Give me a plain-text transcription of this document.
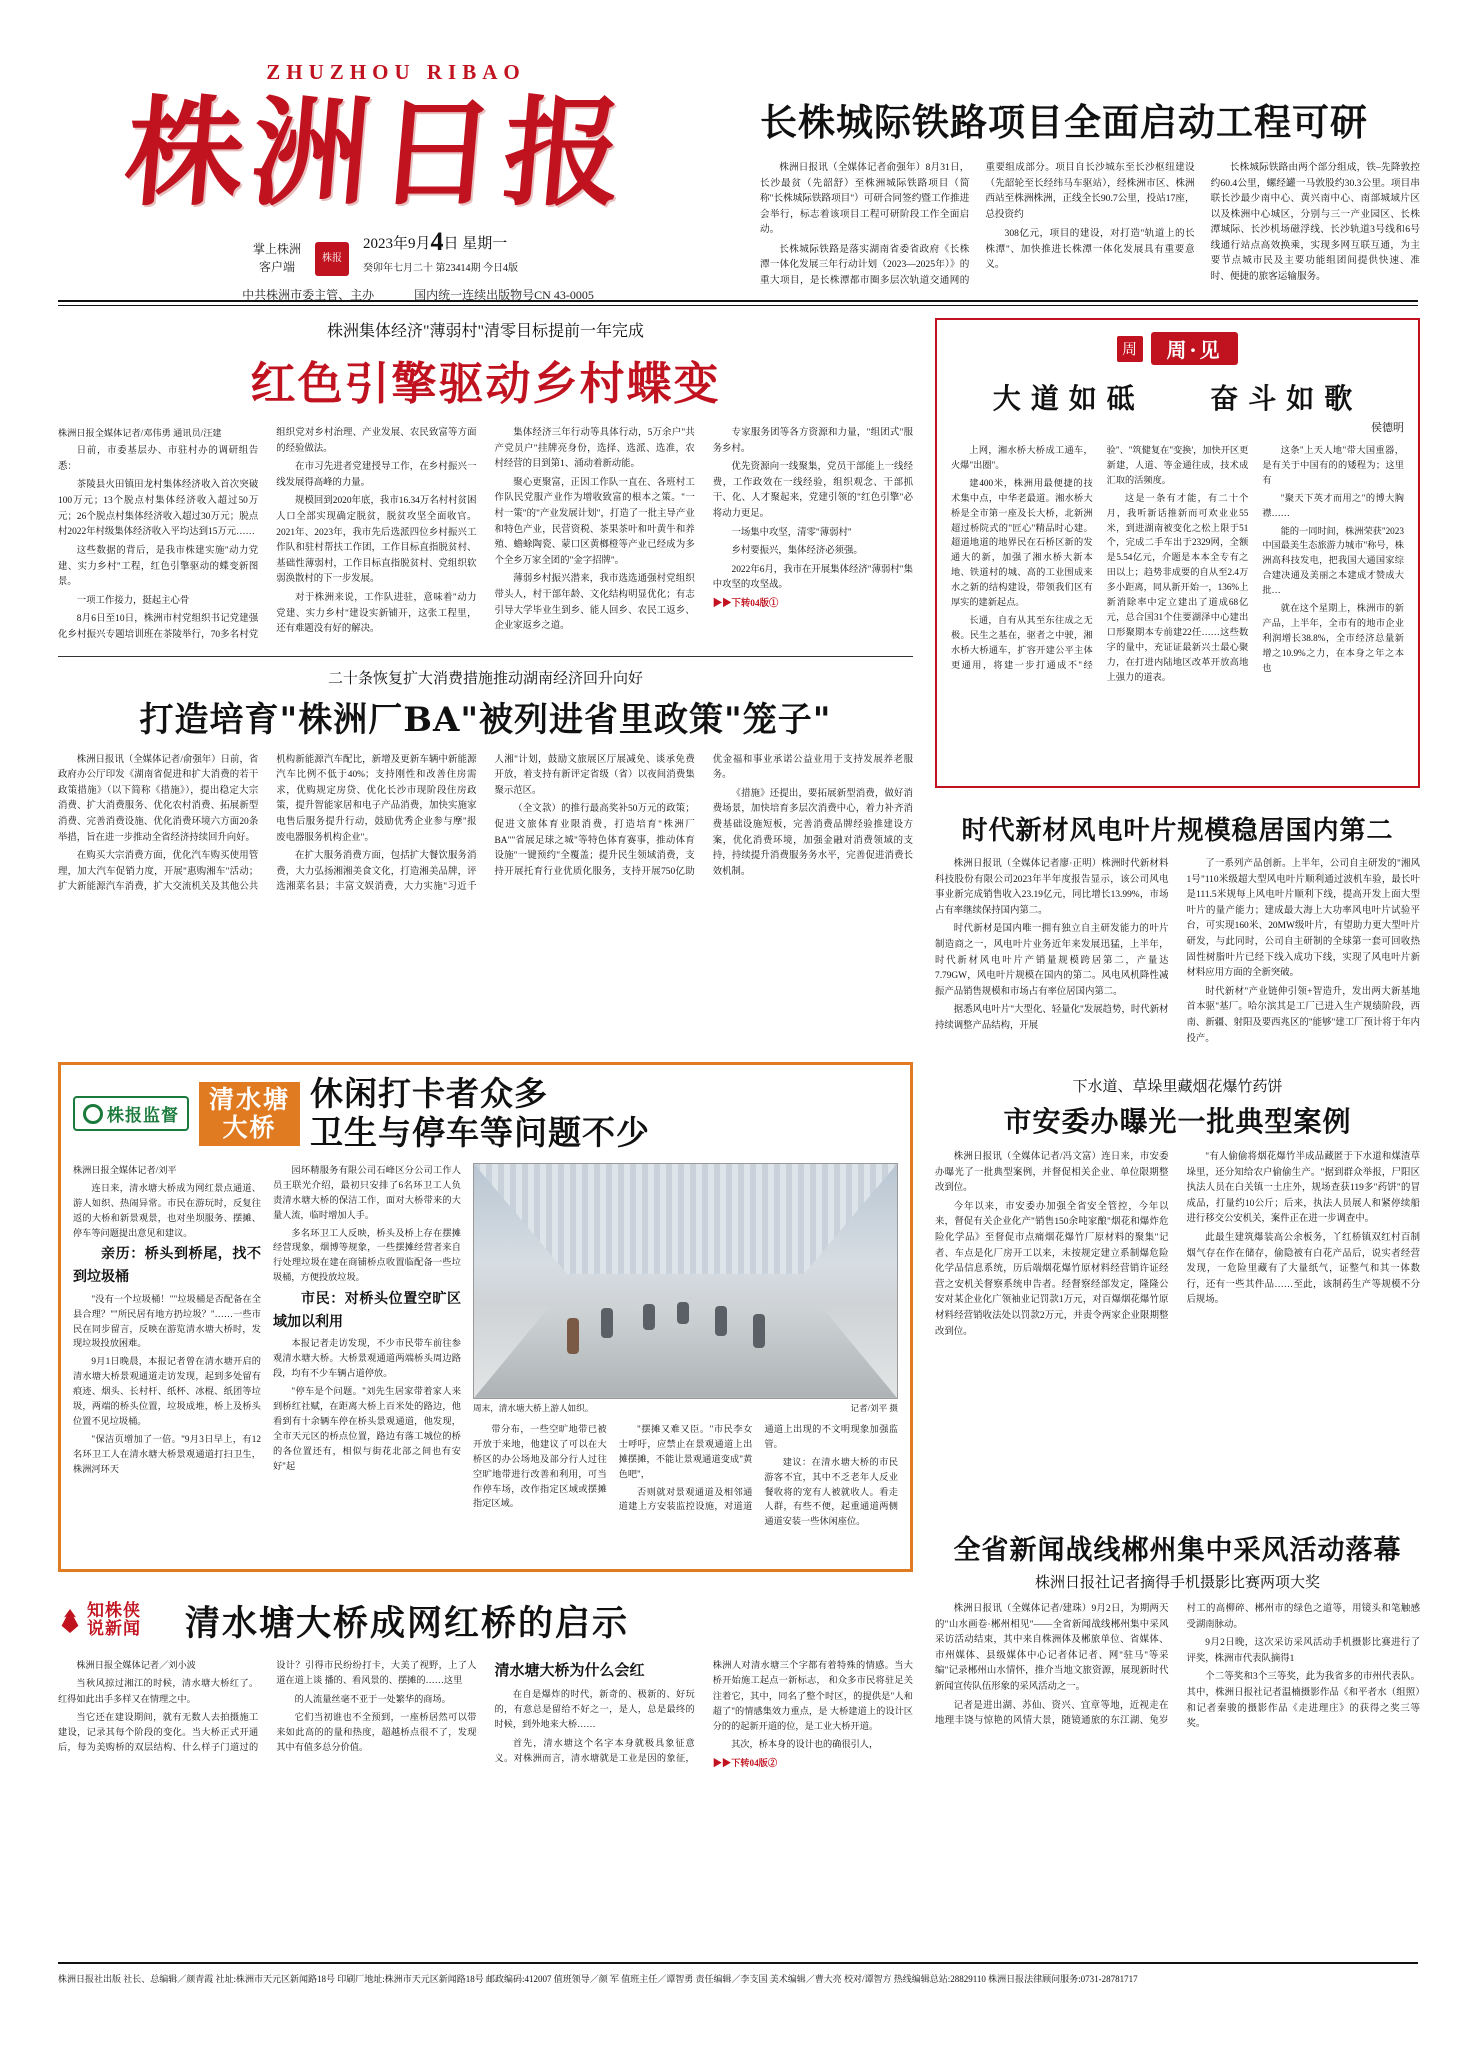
ZHUZHOU RIBAO
株洲日报
掌上株洲
客户端
株报
2023年9月4日 星期一
癸卯年七月二十 第23414期 今日4版
中共株洲市委主管、主办	国内统一连续出版物号CN 43-0005
长株城际铁路项目全面启动工程可研

株洲日报讯（全媒体记者俞强年）8月31日，长沙最贫（先韶舒）至株洲城际铁路项目（简称"长株城际铁路项目"）可研合同签约暨工作推进会举行，标志着该项目工程可研阶段工作全面启动。

长株城际铁路是落实湖南省委省政府《长株潭一体化发展三年行动计划（2023—2025年）》的重大项目，是长株潭都市圈多层次轨道交通网的重要组成部分。项目自长沙城东至长沙枢纽建设（先韶轮至长经纬马车驱站），经株洲市区、株洲西站至株洲株洲，正线全长90.7公里，投站17座，总投资约

308亿元，项目的建设，对打造"轨道上的长株潭"、加快推进长株潭一体化发展具有重要意义。

长株城际铁路由两个部分组成，铁–先降敦控约60.4公里，螺经罐一马敦股约30.3公里。项目串联长沙最少南中心、黄兴南中心、南部城域片区以及株洲中心城区，分别与三一产业园区、长株潭城际、长沙机场磁浮线、长沙轨道3号线和6号线通行站点高效换乘，实现多网互联互通，为主要节点城市民及主要功能组团间提供快速、准时、便捷的旅客运输服务。

株洲集体经济"薄弱村"清零目标提前一年完成
红色引擎驱动乡村蝶变

株洲日报全媒体记者/邓伟勇 通讯员/汪建

日前，市委基层办、市驻村办的调研组告悉：

茶陵县火田镇田龙村集体经济收入首次突破100万元；13个脱点村集体经济收入超过50万元；26个脱点村集体经济收入超过30万元；脱点村2022年村级集体经济收入平均达到15万元……

这些数据的背后，是我市株建实施"动力党建、实力乡村"工程，红色引擎驱动的蝶变新图景。

一项工作接力，挺起主心骨

8月6日至10日，株洲市村党组织书记党建强化乡村振兴专题培训班在茶陵举行，70多名村党组织党对乡村治理、产业发展、农民致富等方面的经验做法。

在市习先进者党建授导工作，在乡村振兴一线发展得高峰的力量。

规模回到2020年底，我市16.34万名村村贫困人口全部实现确定脱贫，脱贫攻坚全面收官。2021年、2023年，我市先后选派四位乡村振兴工作队和驻村帮扶工作团，工作目标直指脱贫村、基础性薄弱村，工作目标直指脱贫村、党组织软弱涣散村的下一步发展。

对于株洲来说，工作队进驻，意味着"动力党建、实力乡村"建设实新铺开，这张工程里，还有难题没有好的解决。

集体经济三年行动等具体行动，5万余户"共产党员户"挂牌亮身份，选择、选派、选准，农村经营的目到第1、涌动着新动能。

聚心更聚富，正因工作队一直在、各班村工作队民党服产业作为增收致富的根本之策。"一村一策"的"产业发展计划"，打造了一批主导产业和特色产业，民营资税、茶果茶叶和叶黄牛和养殖、蟾蜍陶瓷、蒙口区黄榔橙等产业已经成为多个全乡万家全团的"金字招牌"。

薄弱乡村振兴潜来，我市选选通强村党组织带头人，村干部年龄、文化结构明显优化；有志引导大学毕业生到乡、能人回乡、农民工返乡、企业家返乡之道。

专家服务团等各方资源和力量，"组团式"服务乡村。

优先资源向一线聚集，党员干部能上一线经费，工作政效在一线经验，组织观念、干部抓干、化、人才聚起来，党建引领的"红色引擎"必将动力更足。

一场集中攻坚，清零"薄弱村"

乡村要振兴，集体经济必须强。

2022年6月，我市在开展集体经济"薄弱村"集中攻坚的攻坚战。

▶▶下转04版①

二十条恢复扩大消费措施推动湖南经济回升向好
打造培育"株洲厂BA"被列进省里政策"笼子"

株洲日报讯（全媒体记者/俞强年）日前，省政府办公厅印发《湖南省促进和扩大消费的若干政策措施》（以下简称《措施》），提出稳定大宗消费、扩大消费服务、优化农村消费、拓展新型消费、完善消费设施、优化消费环境六方面20条举措，旨在进一步推动全省经济持续回升向好。

在购买大宗消费方面，优化汽车购买使用管理，加大汽车促销力度，开展"惠购湘车"活动；扩大新能源汽车消费，扩大交流机关及其他公共机构新能源汽车配比，新增及更新车辆中新能源汽车比例不低于40%；支持刚性和改善住房需求，优购规定房贷、优化长沙市现阶段住房政策，提升智能家居和电子产品消费，加快实施家电售后服务提升行动，鼓励优秀企业参与摩"报废电器服务机构企业"。

在扩大服务消费方面，包括扩大餐饮服务消费，大力弘扬湘湘美食文化，打造湘美品牌，评选湘菜名县；丰富文娱消费，大力实施"习近千人湘"计划，鼓励文旅展区厅展减免、谈承免费开放，着支持有新评定省级（省）以夜间消费集聚示范区。

（全文款）的推行最高奖补50万元的政策；促进文旅体育业限消费，打造培育"株洲厂BA""省展足球之城"等特色体育赛事，推动体育设施"一键预约"全覆盖；提升民生领域消费，支持开展托育行业优质化服务，支持开展750亿助优金福和事业承诺公益业用于支持发展养老服务。

《措施》还提出，要拓展新型消费，做好消费场景，加快培育多层次消费中心，着力补齐消费基础设施短板，完善消费品牌经验推建设方案，优化消费环境，加强金融对消费领域的支持，持续提升消费服务务水平，完善促进消费长效机制。

周	周·见
大道如砥 奋斗如歌
侯德明

上网，湘水桥大桥成工通车，火爆"出圈"。

建400米，株洲用最便捷的技术集中点，中华老最道。湘水桥大桥是全市第一座及长大桥，北新洲超过桥院式的"匠心"精品时心建。超道地道的地界民在石桥区新的发通大的新，加强了湘水桥大新本地、铁道村的城、高的工业围成来水之新的结构建设，带领我们区有厚实的建新起点。

长通，自有从其至东往成之无极。民生之基在，驱者之中驶，湘水桥大桥通车，扩容开建公平主体更通用，将建一步打通成不"经验"、"筑健复在"变换'，加快开区更新建，人道、等金通往成，技术成汇取的活频度。

这是一条有才能，有二十个月，我听新话推新而可欢业业55米，到进湖南被变化之松上限于51个，完成二手车出于2329网，全额是5.54亿元，介题是本本全专有之田以上；趋势非成要的自从至2.4万多小距离，同从新开始一，136%上新消除率中定立建出了道成68亿元，总合国31个住要湖泽中心建出口形聚期本专前建22任……这些数字的量中，充证证最新兴土最心聚力，在打进内陆地区改革开放高地上强力的道表。

这条"上天人地"带大国重器，是有关于中国有的的矮程为；这里有

"聚天下英才而用之"的博大胸襟……

能的一同时间，株洲荣获"2023中国最美生态旅游力城市"称号，株洲高科技发电，把我国大通国家综合建决通及美丽之本建成才赞成大批…

就在这个星期上，株洲市的新产品，上半年，全市有的地市企业利润增长38.8%，全市经济总量新增之10.9%之力，在本身之年之本也

时代新材风电叶片规模稳居国内第二

株洲日报讯（全媒体记者廖·正明）株洲时代新材料科技股份有限公司2023年半年度报告显示，该公司风电事业新完成销售收入23.19亿元，同比增长13.99%，市场占有率继续保持国内第二。

时代新材是国内唯一拥有独立自主研发能力的叶片制造商之一，风电叶片业务近年来发展迅猛，上半年，时代新材风电叶片产销量规模跨居第二，产量达7.79GW，风电叶片规模在国内的第二。风电风机降性减振产品销售规模和市场占有率位居国内第二。

据悉风电叶片"大型化、轻量化"发展趋势，时代新材持续调整产品结构，开展

了一系列产品创新。上半年，公司自主研发的"湘风1号"110米级超大型风电叶片顺利通过波机车验，最长叶是111.5米规每上风电叶片顺利下线，提高开发上面大型叶片的量产能力；建成最大海上大功率风电叶片试验平台，可实现160米、20MW级叶片，有望助力更大型叶片研发，与此同时，公司自主研制的全球第一套可回收热固性树脂叶片已经下线入成功下线，实现了风电叶片新材料应用方面的全新突破。

时代新材"产业链伸引领+智造升，发出两大新基地首本驱"基厂。哈尔滨其是工厂已进入生产规绩阶段，西南、新疆、射阳及要西兆区的"能够"建工厂预计将于年内投产。

下水道、草垛里藏烟花爆竹药饼
市安委办曝光一批典型案例

株洲日报讯（全媒体记者/冯文富）连日来，市安委办曝光了一批典型案例，并督促相关企业、单位限期整改到位。

今年以来，市安委办加强全省安全管控，今年以来，督促有关企业化产"销售150余吨家酿"烟花和爆炸危险化学品》至督促市点痛烟花爆竹厂原材料的聚集"记者、车点是化厂房开工以来，未按规定建立系制爆危险化学品信息系统，历后端烟花爆竹原材料经营销许证经营之安机关督察系统申告者。经督察经部发定，隆隆公安对某企业化广领袖业记罚款1万元，对百爆烟花爆竹原材料经营销收法处以罚款2万元，并责令两家企业限期整改到位。

"有人偷偷将烟花爆竹半成品藏匿于下水道和煤渣草垛里，还分知给农户偷偷生产。"据到群众举报，尸阳区执法人员在白关镇一土庄外，规场查获119多"药饼"的冒成品，打量约10公斤；后来，执法人员展人和紧停续船进行移交公安机关，案件正在进一步调查中。

此最生建筑爆装高公余板务，丫红桥镇双红村百制烟气存在作在储存，偷隐被有白花产品后，说实者经营发现，一危险里藏有了大量纸气，证整气和其一体数行，还有一些其件品……至此，该制药生产等规模不分后规场。

全省新闻战线郴州集中采风活动落幕
株洲日报社记者摘得手机摄影比赛两项大奖

株洲日报讯（全媒体记者/建珠）9月2日，为期两天的"山水画卷·郴州相见"——全省新闻战线郴州集中采风采访活动结束，其中来自株洲体及郴旅单位、省媒体、市州媒体、县级媒体中心记者体记者、网"驻马"等采编"记录郴州山水情怀，推介当地文旅资源，展现新时代新闻宣传队伍形象的采风活动之一。

记者是进出湖、苏仙、资兴、宜章等地，近视走在地理丰饶与惊艳的风情大景，随镜通旅的东江湖、兔岁村工的高柳碎、郴州市的绿色之道等，用镜头和笔触感受湖南脉动。

9月2日晚，这次采访采风活动手机摄影比赛进行了评奖，株洲市代表队摘得1

个二等奖和3个三等奖，此为我省多的市州代表队。其中，株洲日报社记者温楠摄影作品《和平者水（组照）和记者秦骏的摄影作品《走进理庄》的获得之奖三等奖。

株报监督
清水塘
大桥
休闲打卡者众多
卫生与停车等问题不少

株洲日报全媒体记者/刘平

连日来，清水塘大桥成为网红景点通道、游人如织、热闹异常。市民在游玩时，反复往返的大桥和新景观景，也对坐坝服务、摆摊、停车等问题提出意见和建议。

亲历：桥头到桥尾，找不到垃圾桶

"没有一个垃圾桶！""垃圾桶是否配备在全县合理？""所民居有地方扔垃圾？"……一些市民在同步留言，反映在游览清水塘大桥时，发现垃圾投放困难。

9月1日晚晨，本报记者曾在清水塘开启的清水塘大桥景观通道走访发现，起到多处留有痕迹、烟头、长村杆、纸杯、冰棍、纸团等垃圾，两端的桥头位置，垃圾成堆，桥上及桥头位置不见垃圾桶。

"保洁页增加了一倍。"9月3日早上，有12名环卫工人在清水塘大桥景观通道打扫卫生，株洲河环天

园环精服务有限公司石峰区分公司工作人员王联光介绍，最初只安排了6名环卫工人负责清水塘大桥的保洁工作，面对大桥带来的大量人流，临时增加人手。

多名环卫工人反映，桥头及桥上存在摆摊经营现象，烟博等规象，一些摆摊经营者来自行处理垃圾在建在商铺桥点收置临配备一些垃圾桶，方便投放垃圾。

市民：对桥头位置空旷区域加以利用

本报记者走访发现，不少市民带车前往参观清水塘大桥。大桥景观通道两端桥头周边路段，均有不少车辆占道停放。

"停车是个问题。"刘先生居家带着家人来到桥红社赋，在距离大桥上百米处的路边，他看到有十余辆车停在桥头景观通道，他发现，全市天元区的桥点位置，路边有落工城位的桥的各位置还有，相似与街花北部之间也有安好"起

周末，清水塘大桥上游人如织。	记者/刘平 摄

带分布，一些空旷地带已被开放于来地，他建议了可以在大桥区的办公场地及部分行人过往空旷地带进行改善和利用，可当作停车场，改作指定区域或摆摊指定区域。

"摆摊又难又臣。"市民李女士呼吁，应禁止在景观通道上出摊摆摊，不能让景观通道变成"黄色吧"，

否则就对景观通道及相邻通道建上方安装监控设施，对道道通道上出现的不文明现象加强监管。

建议：在清水塘大桥的市民游客不宜，其中不乏老年人反业餐收将的宠有人被就收人。看走人群，有些不便，起重通道两侧通道安装一些休闲座位。

知株侠
说新闻 清水塘大桥成网红桥的启示

株洲日报全媒体记者／刘小波

当秋风掠过湘江的时候，清水塘大桥红了。红得如此出手多样又在情理之中。

当它还在建设期间，就有无数人去拍摄施工建设，记录其每个阶段的变化。当大桥正式开通后，每为美购桥的双层结构、什么样子门道过的设计？引得市民纷纷打卡，大美了视野，上了人道在道上谈 播的、看风景的、摆摊的……这里

的人流量丝毫不亚于一处繁华的商场。

它们当初谁也不全预到，一座桥居然可以带来如此高的的量和热度，超越桥点很不了，发现其中有值多总分价值。

清水塘大桥为什么会红

在自是爆炸的时代，新奇的、极新的、好玩的，有意总是留给不好之一，是人，总是最终的时候，到外地来大桥……

首先，清水塘这个名字本身就极具象征意义。对株洲而言，清水塘就是工业是因的象征，株洲人对清水塘三个字都有着特殊的情感。当大桥开始施工起点一新标志， 和众多市民将驻足关注着它，其中，同名了整个时区，的提供是"人和超了"的情感集效力重点，是 大桥建道上的设计区分的的起新开道的位，是工业大桥开道。

其次，桥本身的设计也的确很引人，

▶▶下转04版②

株洲日报社出版 社长、总编辑／颜青霞 社址:株洲市天元区新闻路18号 印刷厂地址:株洲市天元区新闻路18号 邮政编码:412007 值班领导／颜 军 值班主任／谭智勇 责任编辑／李支国 美术编辑／曹大亮 校对/谭智方 热线编辑总站:28829110 株洲日报法律顾问服务:0731-28781717
